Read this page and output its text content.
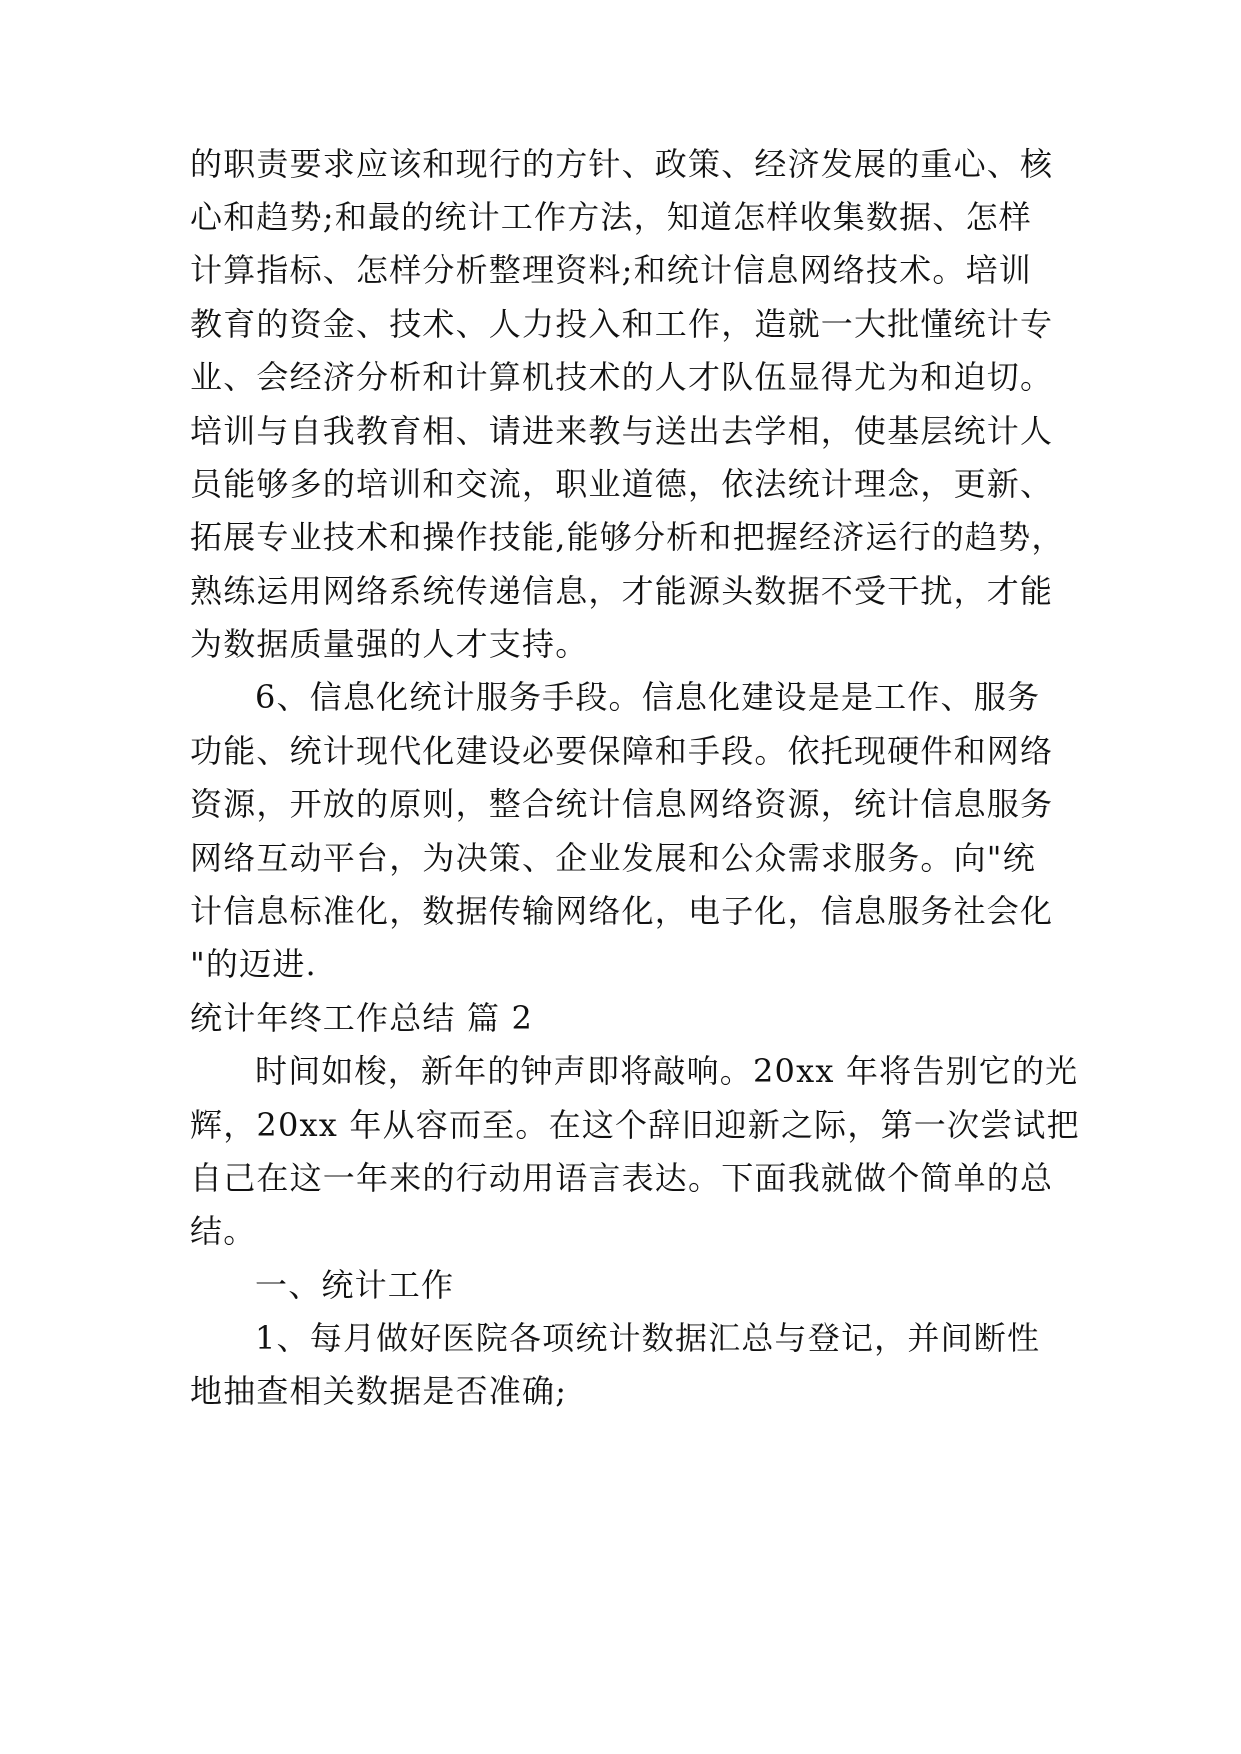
的职责要求应该和现行的方针、政策、经济发展的重心、核
心和趋势;和最的统计工作方法，知道怎样收集数据、怎样
计算指标、怎样分析整理资料;和统计信息网络技术。培训
教育的资金、技术、人力投入和工作，造就一大批懂统计专
业、会经济分析和计算机技术的人才队伍显得尤为和迫切。
培训与自我教育相、请进来教与送出去学相，使基层统计人
员能够多的培训和交流，职业道德，依法统计理念，更新、
拓展专业技术和操作技能,能够分析和把握经济运行的趋势，
熟练运用网络系统传递信息，才能源头数据不受干扰，才能
为数据质量强的人才支持。
6、信息化统计服务手段。信息化建设是是工作、服务
功能、统计现代化建设必要保障和手段。依托现硬件和网络
资源，开放的原则，整合统计信息网络资源，统计信息服务
网络互动平台，为决策、企业发展和公众需求服务。向"统
计信息标准化，数据传输网络化，电子化，信息服务社会化
"的迈进.
统计年终工作总结 篇 2
时间如梭，新年的钟声即将敲响。20xx 年将告别它的光
辉，20xx 年从容而至。在这个辞旧迎新之际，第一次尝试把
自己在这一年来的行动用语言表达。下面我就做个简单的总
结。
一、统计工作
1、每月做好医院各项统计数据汇总与登记，并间断性
地抽查相关数据是否准确;
